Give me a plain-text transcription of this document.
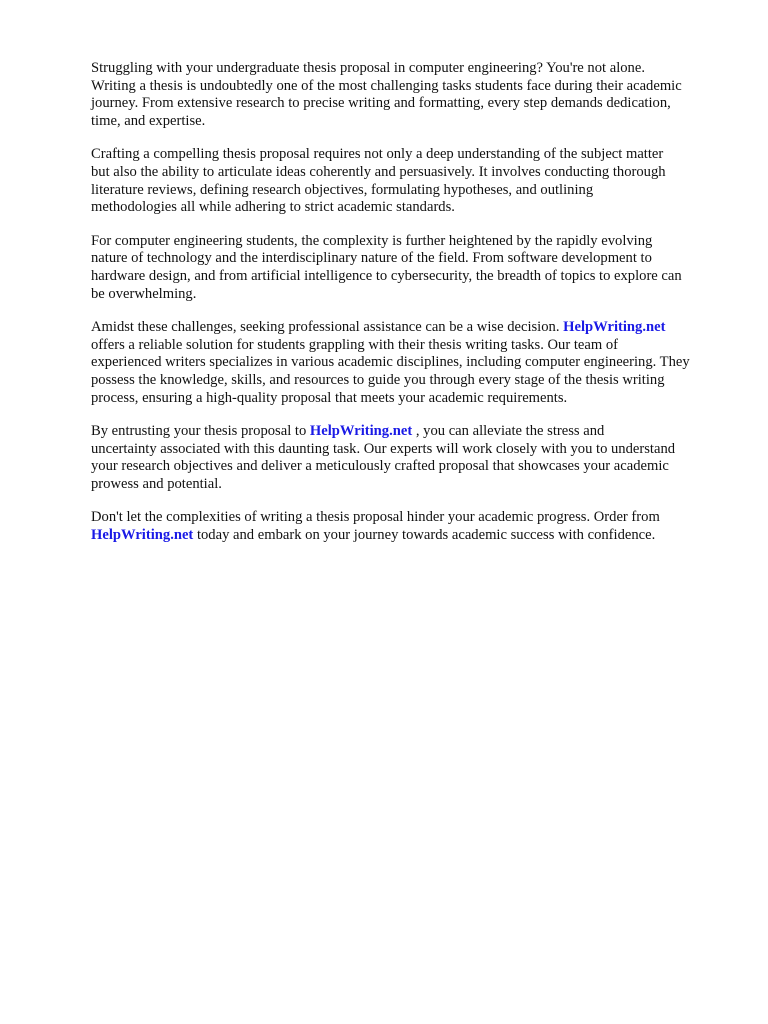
Struggling with your undergraduate thesis proposal in computer engineering? You're not alone.
Writing a thesis is undoubtedly one of the most challenging tasks students face during their academic
journey. From extensive research to precise writing and formatting, every step demands dedication,
time, and expertise.

Crafting a compelling thesis proposal requires not only a deep understanding of the subject matter
but also the ability to articulate ideas coherently and persuasively. It involves conducting thorough
literature reviews, defining research objectives, formulating hypotheses, and outlining
methodologies all while adhering to strict academic standards.

For computer engineering students, the complexity is further heightened by the rapidly evolving
nature of technology and the interdisciplinary nature of the field. From software development to
hardware design, and from artificial intelligence to cybersecurity, the breadth of topics to explore can
be overwhelming.

Amidst these challenges, seeking professional assistance can be a wise decision. HelpWriting.net
offers a reliable solution for students grappling with their thesis writing tasks. Our team of
experienced writers specializes in various academic disciplines, including computer engineering. They
possess the knowledge, skills, and resources to guide you through every stage of the thesis writing
process, ensuring a high-quality proposal that meets your academic requirements.

By entrusting your thesis proposal to HelpWriting.net , you can alleviate the stress and
uncertainty associated with this daunting task. Our experts will work closely with you to understand
your research objectives and deliver a meticulously crafted proposal that showcases your academic
prowess and potential.

Don't let the complexities of writing a thesis proposal hinder your academic progress. Order from
HelpWriting.net today and embark on your journey towards academic success with confidence.
